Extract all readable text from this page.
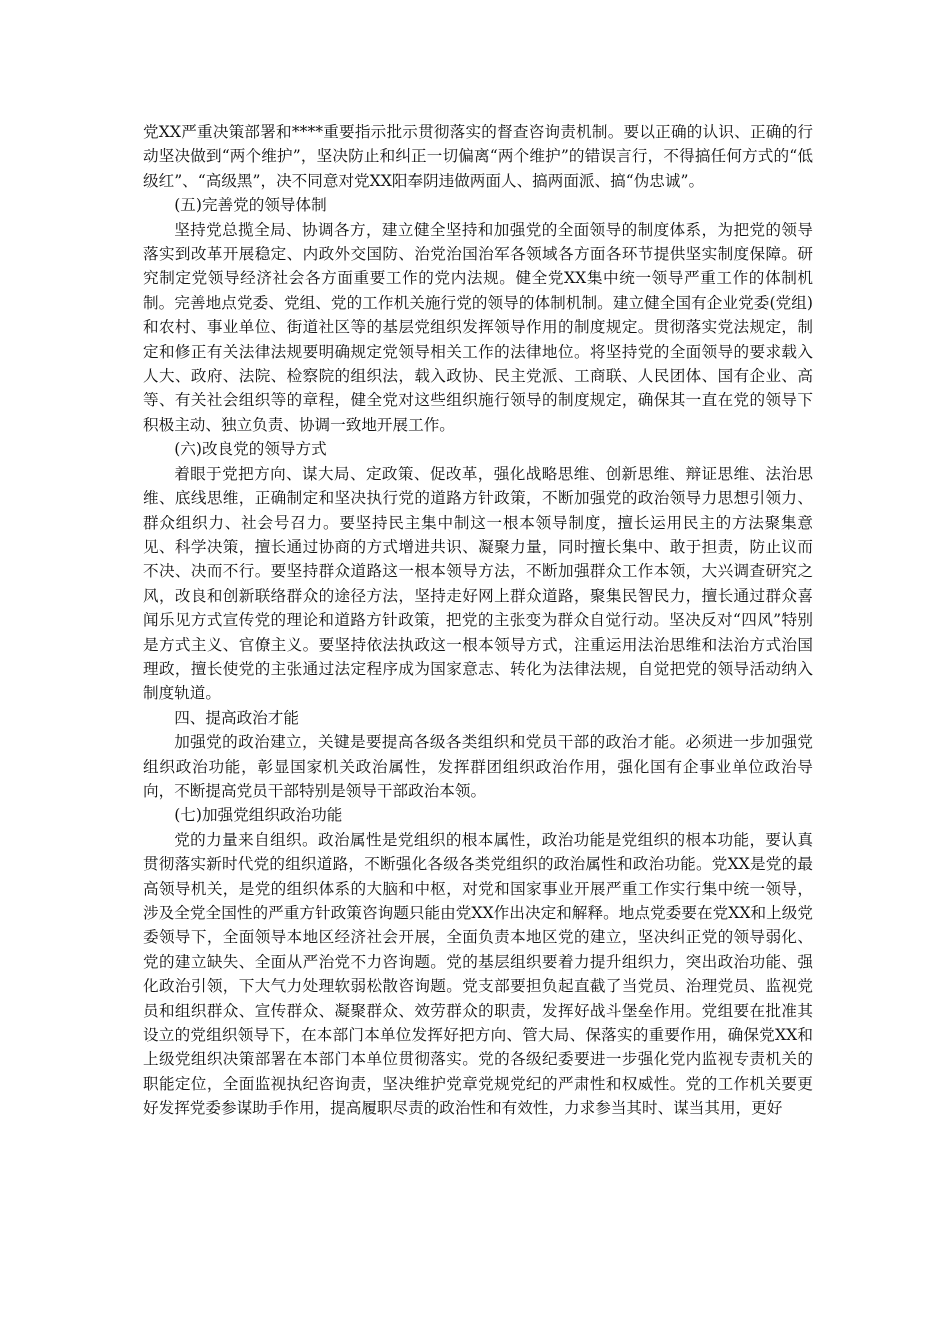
党XX严重决策部署和****重要指示批示贯彻落实的督查咨询责机制。要以正确的认识、正确的行动坚决做到“两个维护”，坚决防止和纠正一切偏离“两个维护”的错误言行，不得搞任何方式的“低级红”、“高级黑”，决不同意对党XX阳奉阴违做两面人、搞两面派、搞“伪忠诚”。

(五)完善党的领导体制

坚持党总揽全局、协调各方，建立健全坚持和加强党的全面领导的制度体系，为把党的领导落实到改革开展稳定、内政外交国防、治党治国治军各领域各方面各环节提供坚实制度保障。研究制定党领导经济社会各方面重要工作的党内法规。健全党XX集中统一领导严重工作的体制机制。完善地点党委、党组、党的工作机关施行党的领导的体制机制。建立健全国有企业党委(党组)和农村、事业单位、街道社区等的基层党组织发挥领导作用的制度规定。贯彻落实党法规定，制定和修正有关法律法规要明确规定党领导相关工作的法律地位。将坚持党的全面领导的要求载入人大、政府、法院、检察院的组织法，载入政协、民主党派、工商联、人民团体、国有企业、高等、有关社会组织等的章程，健全党对这些组织施行领导的制度规定，确保其一直在党的领导下积极主动、独立负责、协调一致地开展工作。

(六)改良党的领导方式

着眼于党把方向、谋大局、定政策、促改革，强化战略思维、创新思维、辩证思维、法治思维、底线思维，正确制定和坚决执行党的道路方针政策，不断加强党的政治领导力思想引领力、群众组织力、社会号召力。要坚持民主集中制这一根本领导制度，擅长运用民主的方法聚集意见、科学决策，擅长通过协商的方式增进共识、凝聚力量，同时擅长集中、敢于担责，防止议而不决、决而不行。要坚持群众道路这一根本领导方法，不断加强群众工作本领，大兴调查研究之风，改良和创新联络群众的途径方法，坚持走好网上群众道路，聚集民智民力，擅长通过群众喜闻乐见方式宣传党的理论和道路方针政策，把党的主张变为群众自觉行动。坚决反对“四风”特别是方式主义、官僚主义。要坚持依法执政这一根本领导方式，注重运用法治思维和法治方式治国理政，擅长使党的主张通过法定程序成为国家意志、转化为法律法规，自觉把党的领导活动纳入制度轨道。

四、提高政治才能

加强党的政治建立，关键是要提高各级各类组织和党员干部的政治才能。必须进一步加强党组织政治功能，彰显国家机关政治属性，发挥群团组织政治作用，强化国有企事业单位政治导向，不断提高党员干部特别是领导干部政治本领。

(七)加强党组织政治功能

党的力量来自组织。政治属性是党组织的根本属性，政治功能是党组织的根本功能，要认真贯彻落实新时代党的组织道路，不断强化各级各类党组织的政治属性和政治功能。党XX是党的最高领导机关，是党的组织体系的大脑和中枢，对党和国家事业开展严重工作实行集中统一领导，涉及全党全国性的严重方针政策咨询题只能由党XX作出决定和解释。地点党委要在党XX和上级党委领导下，全面领导本地区经济社会开展，全面负责本地区党的建立，坚决纠正党的领导弱化、党的建立缺失、全面从严治党不力咨询题。党的基层组织要着力提升组织力，突出政治功能、强化政治引领，下大气力处理软弱松散咨询题。党支部要担负起直截了当党员、治理党员、监视党员和组织群众、宣传群众、凝聚群众、效劳群众的职责，发挥好战斗堡垒作用。党组要在批准其设立的党组织领导下，在本部门本单位发挥好把方向、管大局、保落实的重要作用，确保党XX和上级党组织决策部署在本部门本单位贯彻落实。党的各级纪委要进一步强化党内监视专责机关的职能定位，全面监视执纪咨询责，坚决维护党章党规党纪的严肃性和权威性。党的工作机关要更好发挥党委参谋助手作用，提高履职尽责的政治性和有效性，力求参当其时、谋当其用，更好
